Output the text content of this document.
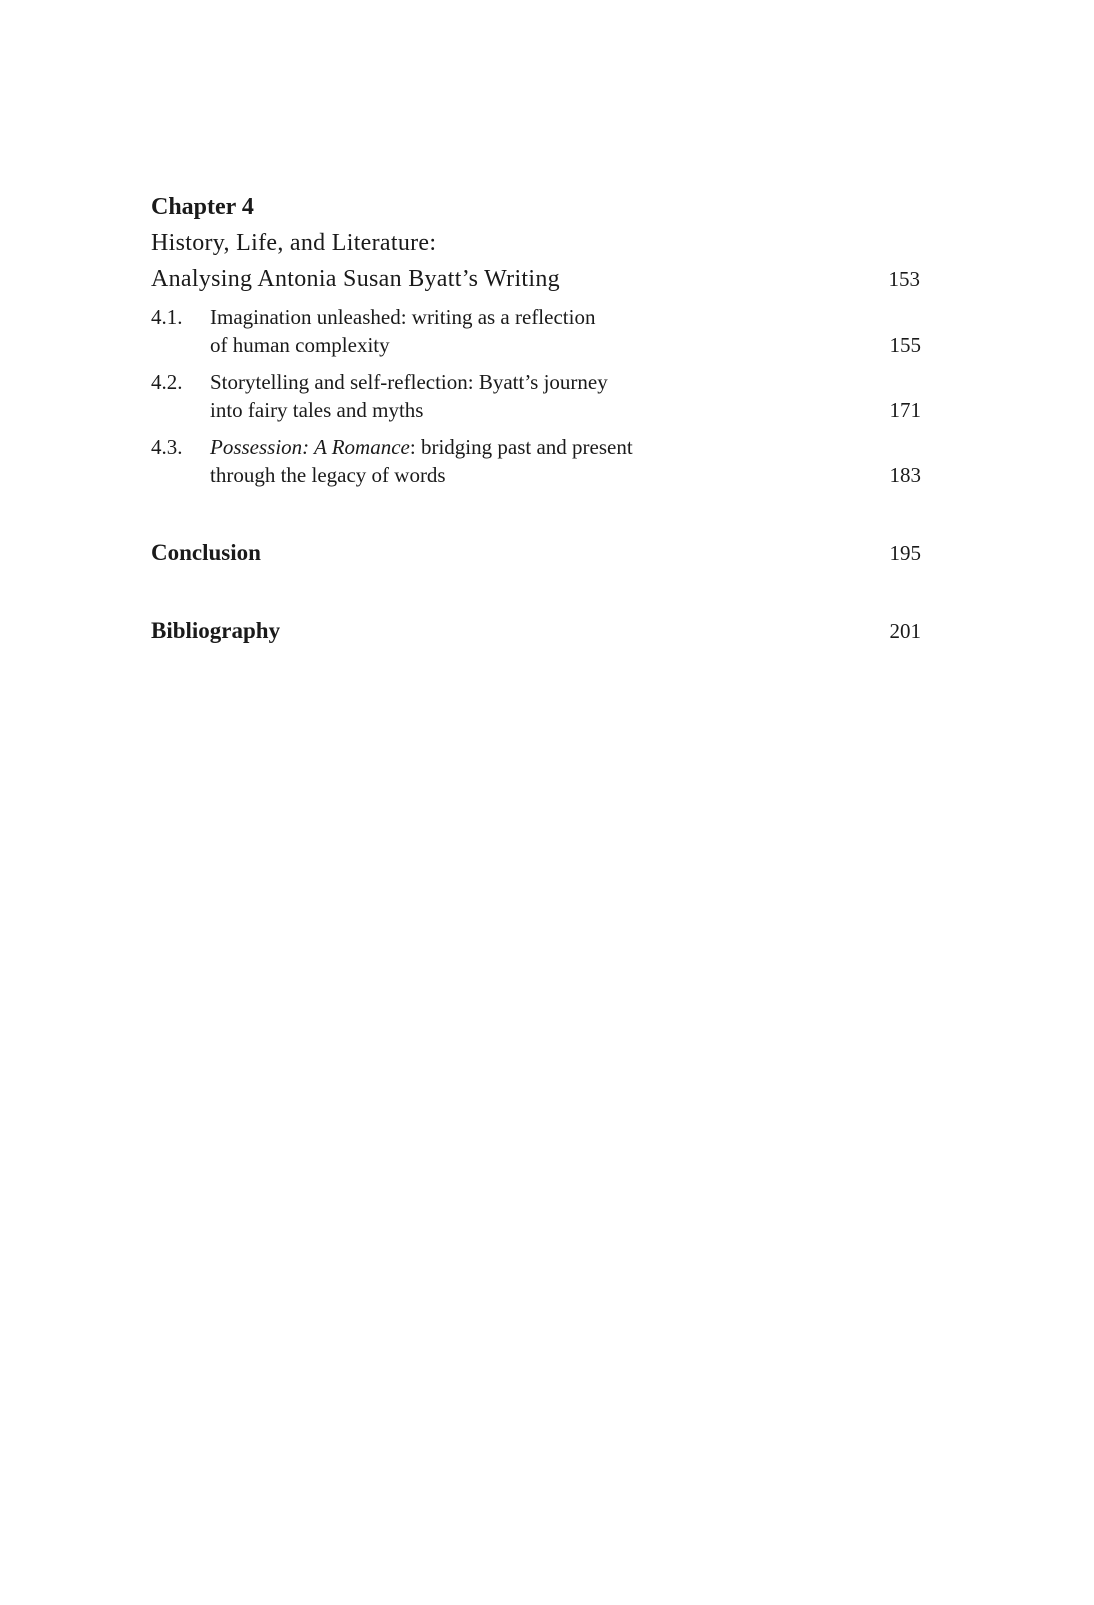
Chapter 4
History, Life, and Literature:
Analysing Antonia Susan Byatt’s Writing	153
4.1. Imagination unleashed: writing as a reflection
of human complexity	155
4.2. Storytelling and self-reflection: Byatt’s journey
into fairy tales and myths	171
4.3. Possession: A Romance: bridging past and present
through the legacy of words	183
Conclusion	195
Bibliography	201
